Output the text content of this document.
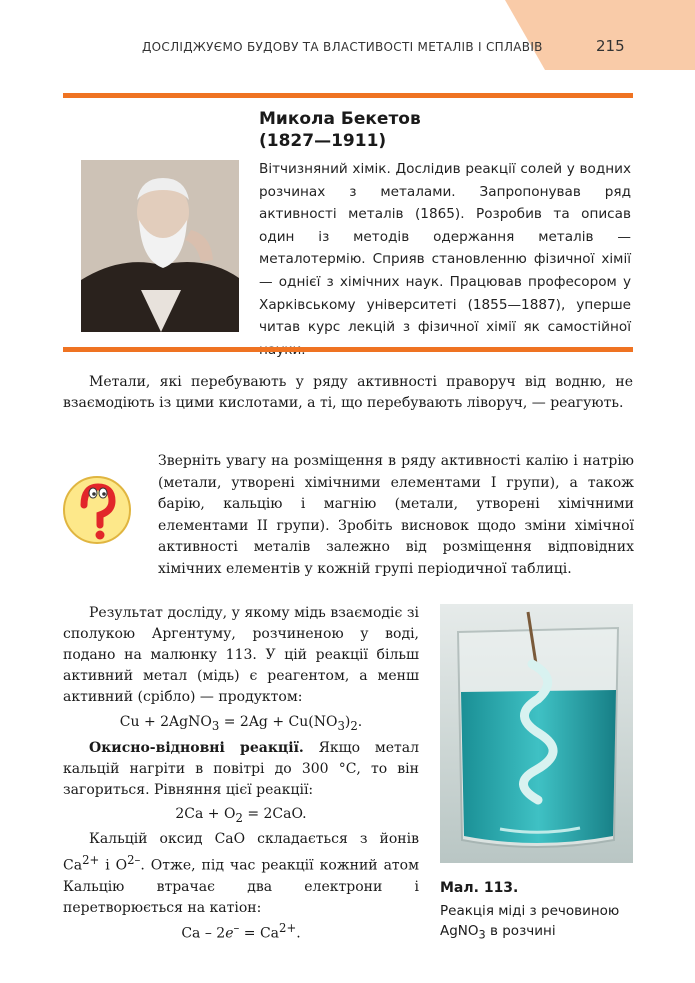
ДОСЛІДЖУЄМО БУДОВУ ТА ВЛАСТИВОСТІ МЕТАЛІВ І СПЛАВІВ	215
Микола Бекетов
(1827—1911)
Вітчизняний хімік. Дослідив реакції солей у водних розчинах з металами. Запропонував ряд активності металів (1865). Розробив та описав один із методів одержання металів — металотермію. Сприяв становленню фізичної хімії — однієї з хімічних наук. Працював професором у Харківському університеті (1855—1887), уперше читав курс лекцій з фізичної хімії як самостійної
Метали, які перебувають у ряду активності праворуч від водню, не взаємодіють із цими кислотами, а ті, що перебувають ліворуч, — реагують.
Зверніть увагу на розміщення в ряду активності калію і натрію (метали, утворені хімічними елементами I групи), а також барію, кальцію і магнію (метали, утворені хімічними елементами II групи). Зробіть висновок щодо зміни хімічної активності металів залежно від розміщення відповідних хімічних елементів у кожній групі періодичної таблиці.
Результат досліду, у якому мідь взаємодіє зі сполукою Аргентуму, розчиненою у воді, подано на малюнку 113. У цій реакції більш активний метал (мідь) є реагентом, а менш активний (срібло) — продуктом:
Cu + 2AgNO$_3$ = $2Ag + Cu(NO_3)_2$.
Окисно-відновні реакції. Якщо метал кальцій нагріти в повітрі до 300 °С, то він загориться. Рівняння цієї реакції:
$2Ca + O_2 = 2CaO$.
Кальцій оксид CaO складається з йонів $Ca^{2+}$ і $O^{2-}$. Отже, під час реакції кожний атом Кальцію втрачає два електрони і перетворюється на катіон:
$Ca - 2e^- = Ca^{2+}$.
Мал. 113.
Реакція міді з речовиною AgNO$_3$ в розчині
